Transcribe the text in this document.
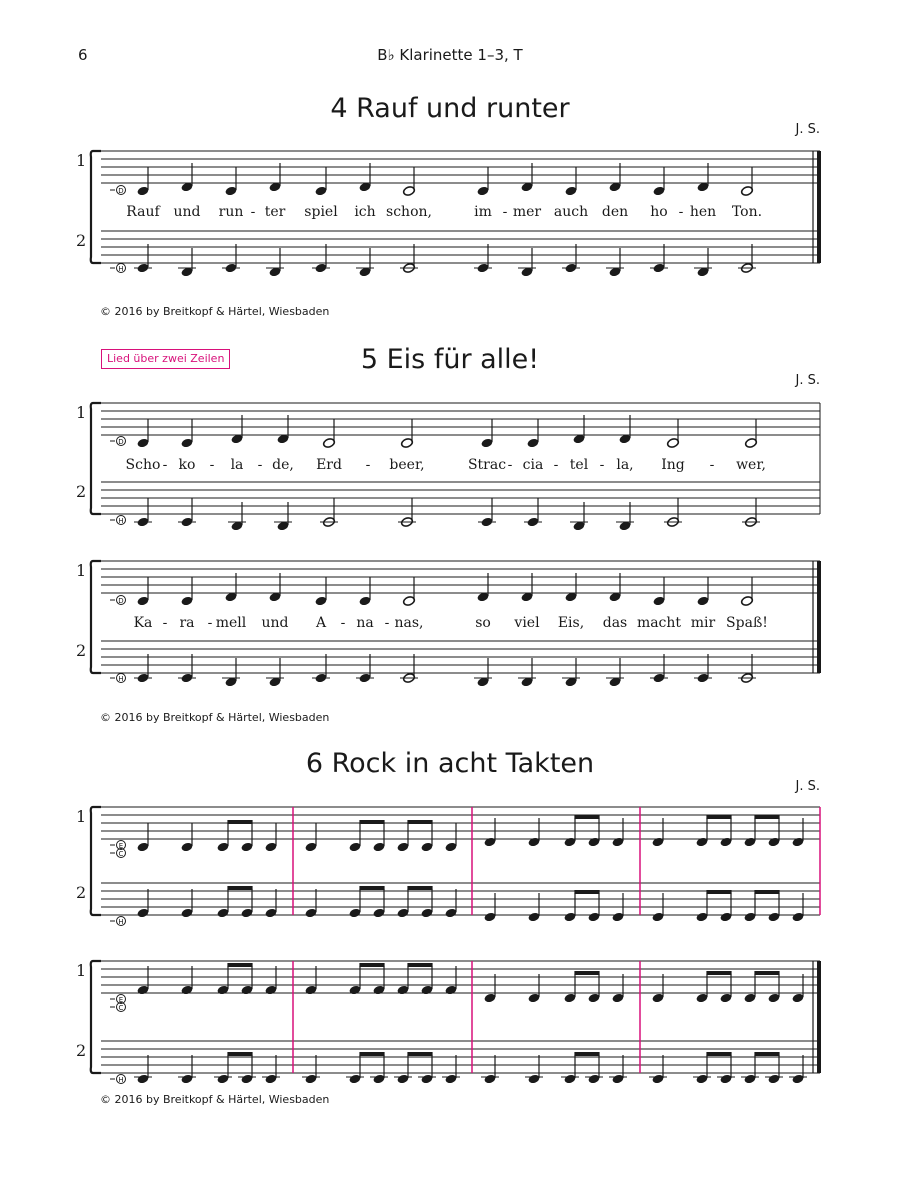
6	B♭ Klarinette 1–3, T
4 Rauf und runter
J. S.
© 2016 by Breitkopf & Härtel, Wiesbaden
Lied über zwei Zeilen	5 Eis für alle!
J. S.
© 2016 by Breitkopf & Härtel, Wiesbaden
6 Rock in acht Takten
J. S.
© 2016 by Breitkopf & Härtel, Wiesbaden
1
2
D
H
Rauf und run - ter spiel ich schon,	im - mer auch den ho - hen Ton.
1
2
D
H
Scho - ko - la - de, Erd - beer,	Strac - cia - tel - la, Ing - wer,
1
2
D
H
Ka - ra - mell und A - na - nas,	so viel Eis, das macht mir Spaß!
1
2
E
C
H
1
2
E
C
H
